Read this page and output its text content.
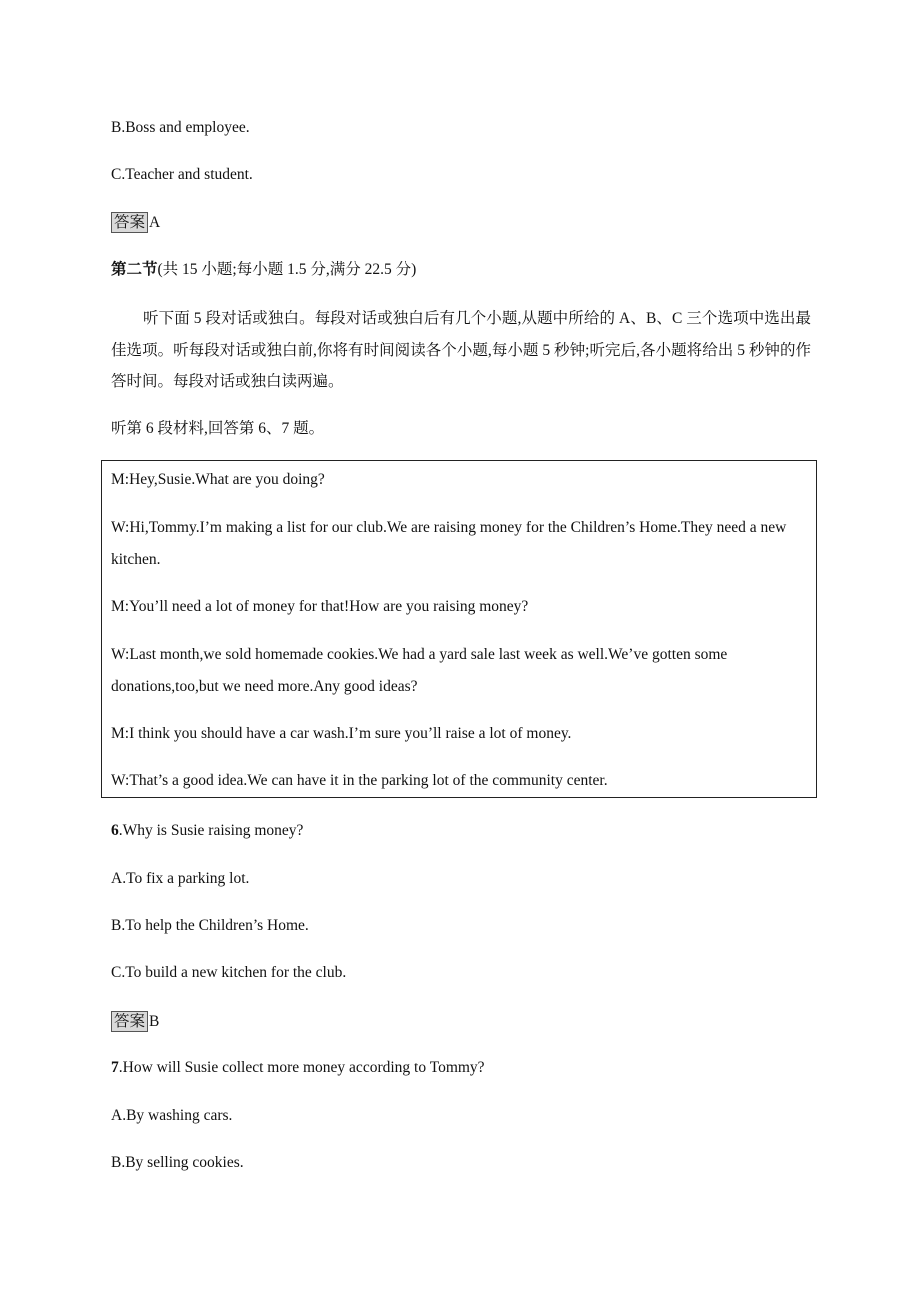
B.Boss and employee.
C.Teacher and student.
答案 A
第二节(共 15 小题;每小题 1.5 分,满分 22.5 分)
听下面 5 段对话或独白。每段对话或独白后有几个小题,从题中所给的 A、B、C 三个选项中选出最佳选项。听每段对话或独白前,你将有时间阅读各个小题,每小题 5 秒钟;听完后,各小题将给出 5 秒钟的作答时间。每段对话或独白读两遍。
听第 6 段材料,回答第 6、7 题。
M:Hey,Susie.What are you doing?
W:Hi,Tommy.I’m making a list for our club.We are raising money for the Children’s Home.They need a new kitchen.
M:You’ll need a lot of money for that!How are you raising money?
W:Last month,we sold homemade cookies.We had a yard sale last week as well.We’ve gotten some donations,too,but we need more.Any good ideas?
M:I think you should have a car wash.I’m sure you’ll raise a lot of money.
W:That’s a good idea.We can have it in the parking lot of the community center.
6.Why is Susie raising money?
A.To fix a parking lot.
B.To help the Children’s Home.
C.To build a new kitchen for the club.
答案 B
7.How will Susie collect more money according to Tommy?
A.By washing cars.
B.By selling cookies.
